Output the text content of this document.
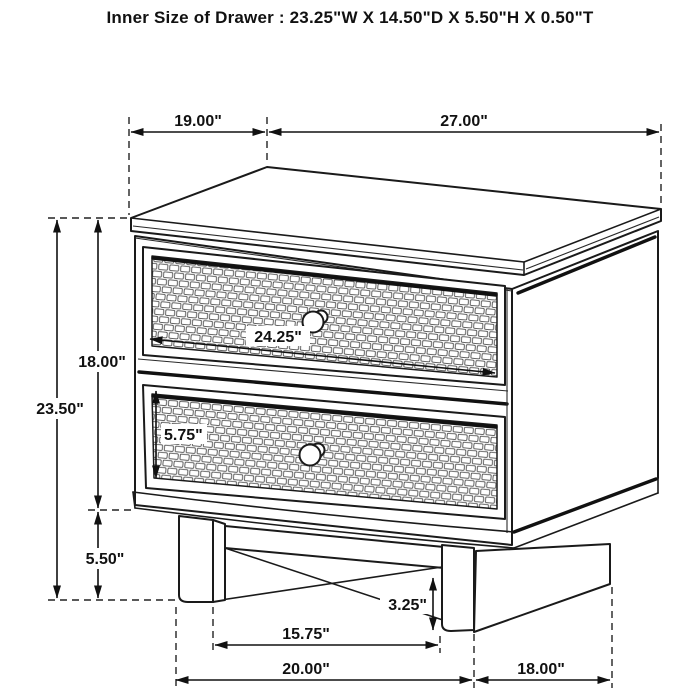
Inner Size of Drawer : 23.25"W X 14.50"D X 5.50"H X 0.50"T
19.00"	27.00"
18.00"
23.50"
5.50"
24.25"
5.75"
3.25"
15.75"
20.00"	18.00"
